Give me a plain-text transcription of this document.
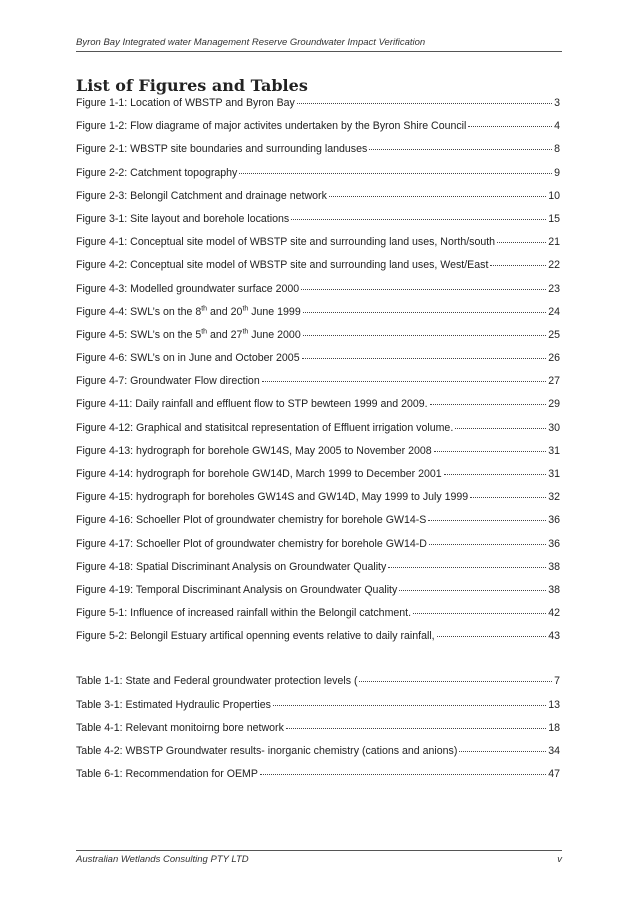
Byron Bay Integrated water Management Reserve Groundwater Impact Verification
List of Figures and Tables
Figure 1-1: Location of WBSTP and Byron Bay	3
Figure 1-2: Flow diagrame of major activites undertaken by the Byron Shire Council	4
Figure 2-1: WBSTP site boundaries and surrounding landuses	8
Figure 2-2: Catchment topography	9
Figure 2-3: Belongil Catchment and drainage network	10
Figure 3-1: Site layout and borehole locations	15
Figure 4-1: Conceptual site model of WBSTP site and surrounding land uses, North/south	21
Figure 4-2: Conceptual site model of WBSTP site and surrounding land uses, West/East	22
Figure 4-3: Modelled groundwater surface 2000	23
Figure 4-4: SWL’s on the 8th and 20th June 1999	24
Figure 4-5: SWL’s on the 5th and 27th June 2000	25
Figure 4-6: SWL’s on in June and October 2005	26
Figure 4-7: Groundwater Flow direction	27
Figure 4-11: Daily rainfall and effluent flow to STP bewteen 1999 and 2009.	29
Figure 4-12: Graphical and statisitcal representation of Effluent irrigation volume.	30
Figure 4-13: hydrograph for borehole GW14S, May 2005 to November 2008	31
Figure 4-14: hydrograph for borehole GW14D, March 1999 to December 2001	31
Figure 4-15: hydrograph for boreholes GW14S and GW14D, May 1999 to July 1999	32
Figure 4-16: Schoeller Plot of groundwater chemistry for borehole GW14-S	36
Figure 4-17: Schoeller Plot of groundwater chemistry for borehole GW14-D	36
Figure 4-18: Spatial Discriminant Analysis on Groundwater Quality	38
Figure 4-19: Temporal Discriminant Analysis on Groundwater Quality	38
Figure 5-1: Influence of increased rainfall within the Belongil catchment.	42
Figure 5-2: Belongil Estuary artifical openning events relative to daily rainfall,	43
Table 1-1: State and Federal groundwater protection levels (	7
Table 3-1: Estimated Hydraulic Properties	13
Table 4-1: Relevant monitoirng bore network	18
Table 4-2: WBSTP Groundwater results- inorganic chemistry (cations and anions)	34
Table 6-1: Recommendation for OEMP	47
Australian Wetlands Consulting PTY LTD	v
